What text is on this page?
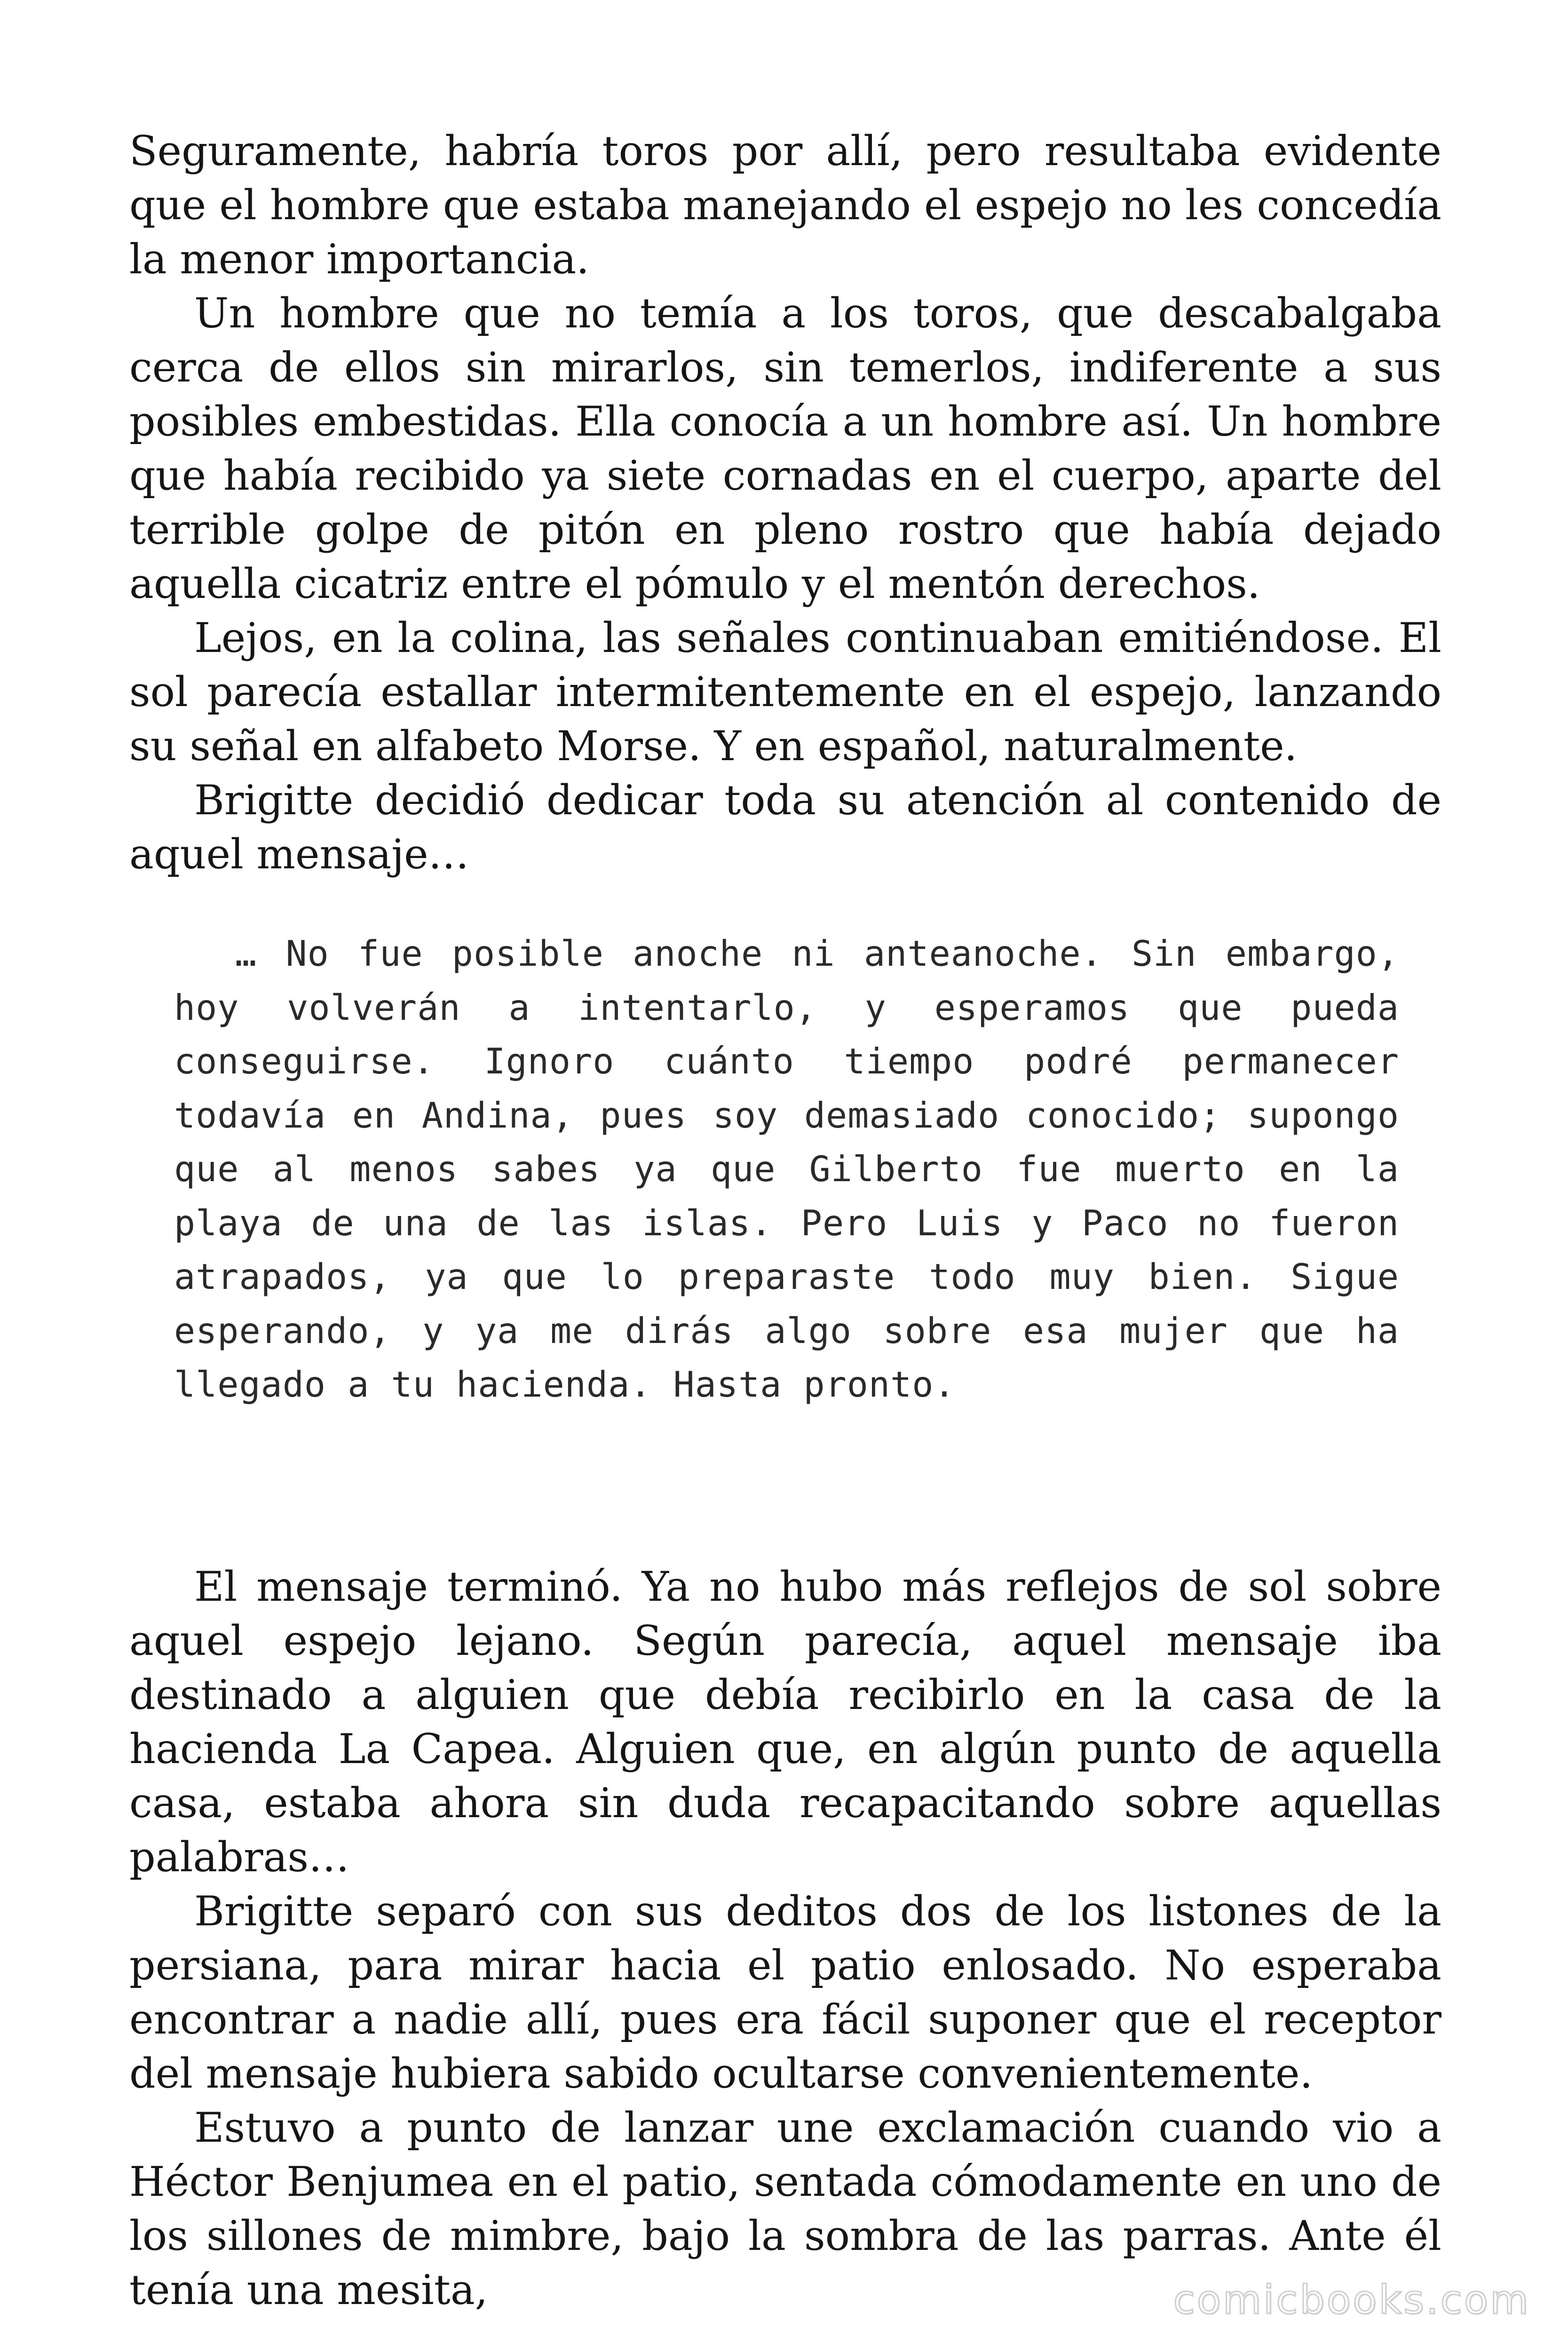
Seguramente, habría toros por allí, pero resultaba evidente que el hombre que estaba manejando el espejo no les concedía la menor importancia.

Un hombre que no temía a los toros, que descabalgaba cerca de ellos sin mirarlos, sin temerlos, indiferente a sus posibles embestidas. Ella conocía a un hombre así. Un hombre que había recibido ya siete cornadas en el cuerpo, aparte del terrible golpe de pitón en pleno rostro que había dejado aquella cicatriz entre el pómulo y el mentón derechos.

Lejos, en la colina, las señales continuaban emitiéndose. El sol parecía estallar intermitentemente en el espejo, lanzando su señal en alfabeto Morse. Y en español, naturalmente.

Brigitte decidió dedicar toda su atención al contenido de aquel mensaje…

… No fue posible anoche ni anteanoche. Sin embargo, hoy volverán a intentarlo, y esperamos que pueda conseguirse. Ignoro cuánto tiempo podré permanecer todavía en Andina, pues soy demasiado conocido; supongo que al menos sabes ya que Gilberto fue muerto en la playa de una de las islas. Pero Luis y Paco no fueron atrapados, ya que lo preparaste todo muy bien. Sigue esperando, y ya me dirás algo sobre esa mujer que ha llegado a tu hacienda. Hasta pronto.

El mensaje terminó. Ya no hubo más reflejos de sol sobre aquel espejo lejano. Según parecía, aquel mensaje iba destinado a alguien que debía recibirlo en la casa de la hacienda La Capea. Alguien que, en algún punto de aquella casa, estaba ahora sin duda recapacitando sobre aquellas palabras…

Brigitte separó con sus deditos dos de los listones de la persiana, para mirar hacia el patio enlosado. No esperaba encontrar a nadie allí, pues era fácil suponer que el receptor del mensaje hubiera sabido ocultarse convenientemente.

Estuvo a punto de lanzar une exclamación cuando vio a Héctor Benjumea en el patio, sentada cómodamente en uno de los sillones de mimbre, bajo la sombra de las parras. Ante él tenía una mesita,	comicbooks.com
